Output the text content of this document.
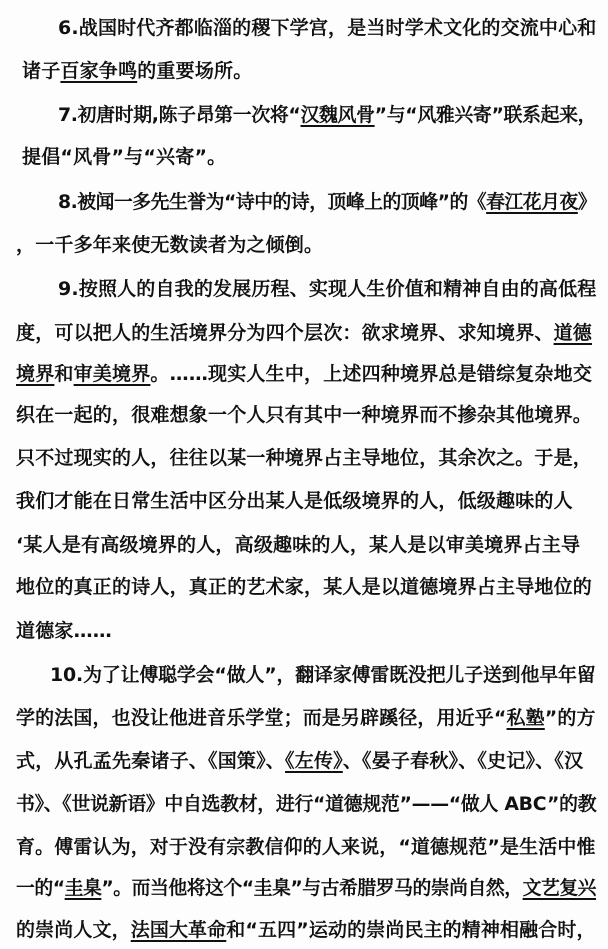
6.战国时代齐都临淄的稷下学宫，是当时学术文化的交流中心和
诸子百家争鸣的重要场所。
7.初唐时期,陈子昂第一次将“汉魏风骨”与“风雅兴寄”联系起来，
提倡“风骨”与“兴寄”。
8.被闻一多先生誉为“诗中的诗，顶峰上的顶峰”的《春江花月夜》
，一千多年来使无数读者为之倾倒。
9.按照人的自我的发展历程、实现人生价值和精神自由的高低程
度，可以把人的生活境界分为四个层次：欲求境界、求知境界、道德
境界和审美境界。……现实人生中，上述四种境界总是错综复杂地交
织在一起的，很难想象一个人只有其中一种境界而不掺杂其他境界。
只不过现实的人，往往以某一种境界占主导地位，其余次之。于是，
我们才能在日常生活中区分出某人是低级境界的人，低级趣味的人
‘某人是有高级境界的人，高级趣味的人，某人是以审美境界占主导
地位的真正的诗人，真正的艺术家，某人是以道德境界占主导地位的
道德家……
10.为了让傅聪学会“做人”，翻译家傅雷既没把儿子送到他早年留
学的法国，也没让他进音乐学堂；而是另辟蹊径，用近乎“私塾”的方
式，从孔孟先秦诸子、《国策》、《左传》、《晏子春秋》、《史记》、《汉
书》、《世说新语》中自选教材，进行“道德规范”——“做人 ABC”的教
育。傅雷认为，对于没有宗教信仰的人来说，“道德规范”是生活中惟
一的“圭臬”。而当他将这个“圭臬”与古希腊罗马的崇尚自然，文艺复兴
的崇尚人文，法国大革命和“五四”运动的崇尚民主的精神相融合时，
